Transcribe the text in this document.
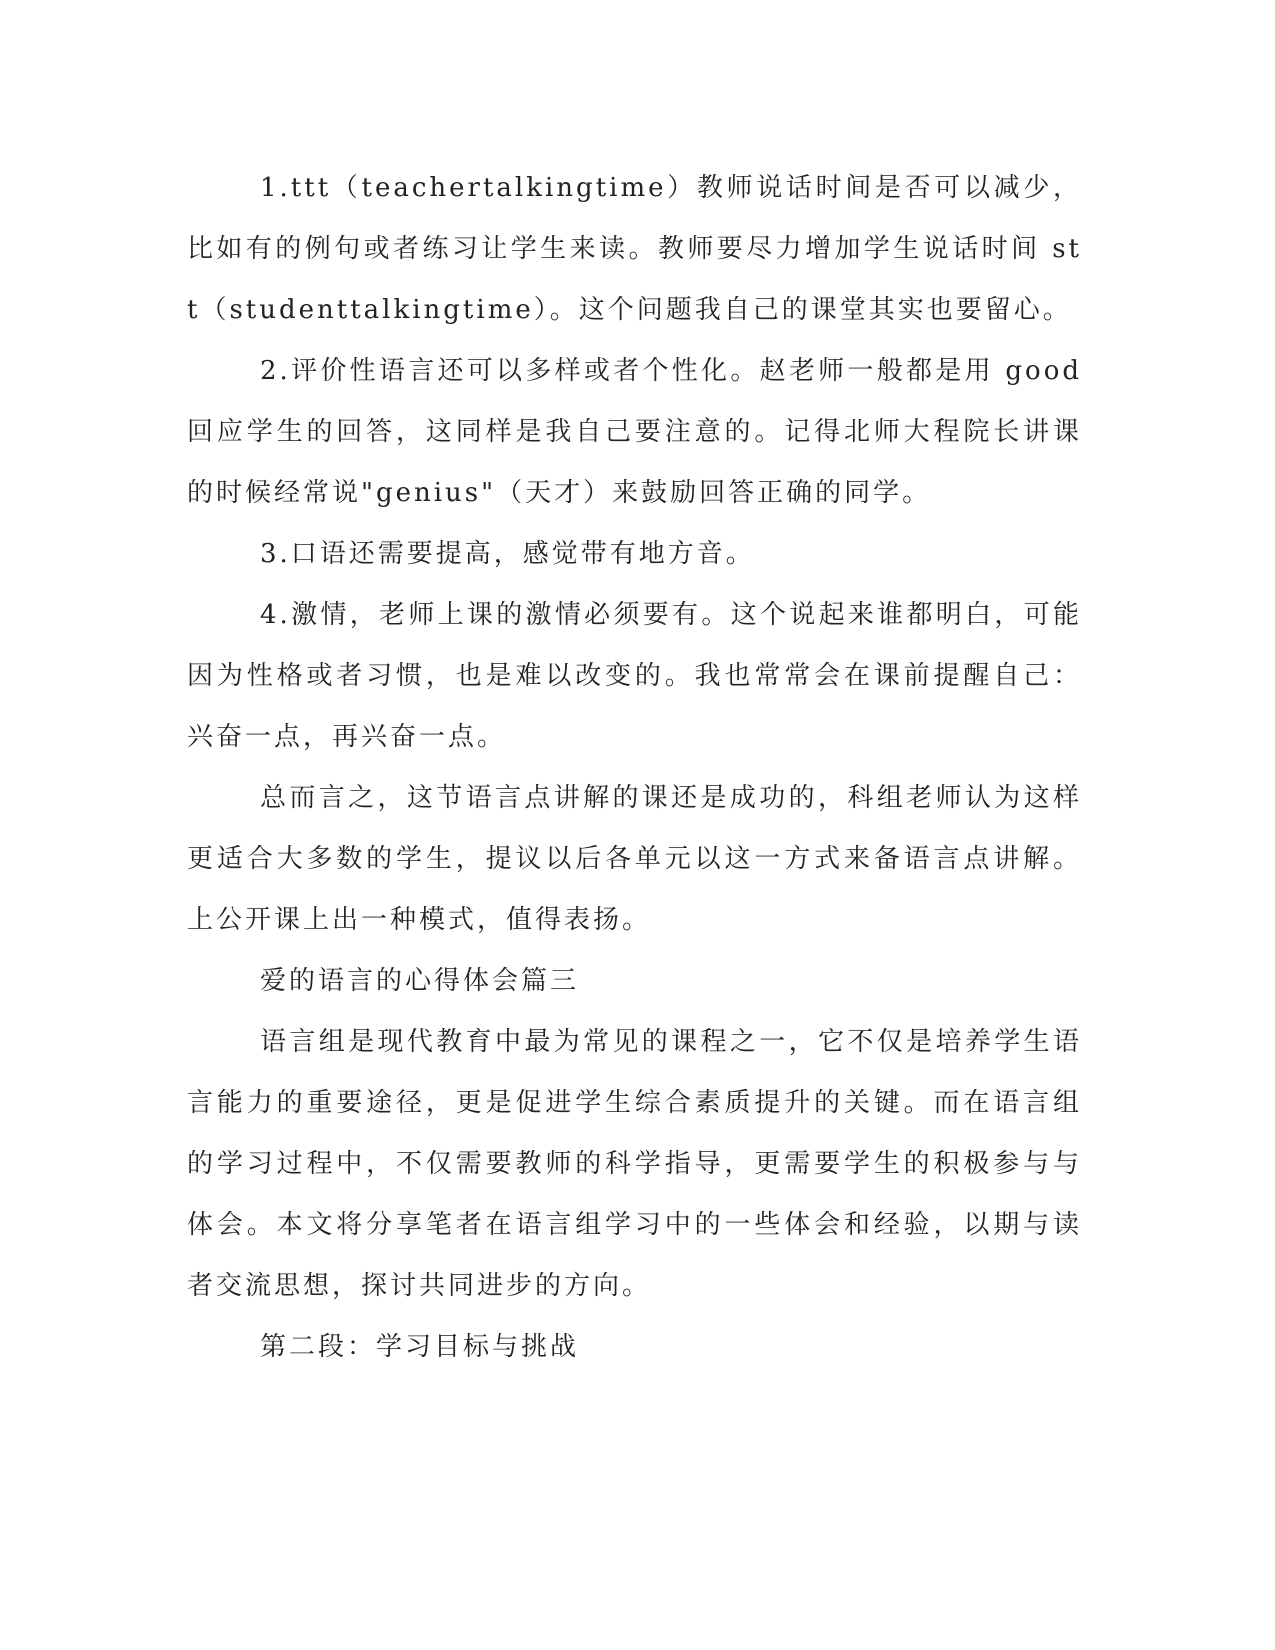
1.ttt（teachertalkingtime）教师说话时间是否可以减少，比如有的例句或者练习让学生来读。教师要尽力增加学生说话时间 stt（studenttalkingtime）。这个问题我自己的课堂其实也要留心。

2.评价性语言还可以多样或者个性化。赵老师一般都是用 good 回应学生的回答，这同样是我自己要注意的。记得北师大程院长讲课的时候经常说"genius"（天才）来鼓励回答正确的同学。

3.口语还需要提高，感觉带有地方音。

4.激情，老师上课的激情必须要有。这个说起来谁都明白，可能因为性格或者习惯，也是难以改变的。我也常常会在课前提醒自己：兴奋一点，再兴奋一点。

总而言之，这节语言点讲解的课还是成功的，科组老师认为这样更适合大多数的学生，提议以后各单元以这一方式来备语言点讲解。上公开课上出一种模式，值得表扬。

爱的语言的心得体会篇三

语言组是现代教育中最为常见的课程之一，它不仅是培养学生语言能力的重要途径，更是促进学生综合素质提升的关键。而在语言组的学习过程中，不仅需要教师的科学指导，更需要学生的积极参与与体会。本文将分享笔者在语言组学习中的一些体会和经验，以期与读者交流思想，探讨共同进步的方向。

第二段：学习目标与挑战
